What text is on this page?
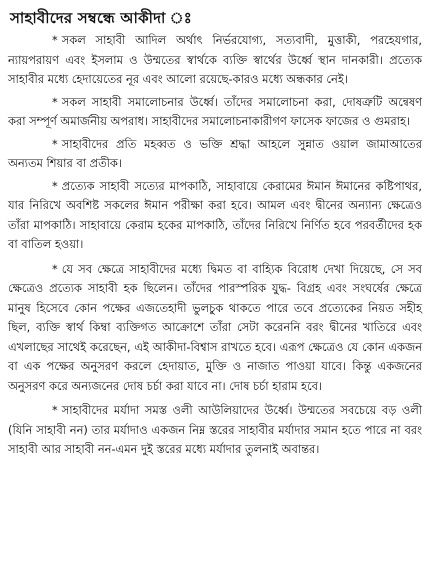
সাহাবীদের সম্বন্ধে আকীদা ঃ

* সকল সাহাবী আদিল অর্থাৎ নির্ভরযোগ্য, সত্যবাদী, মুত্তাকী, পরহেযগার, ন্যায়পরায়ণ এবং ইসলাম ও উম্মতের স্বার্থকে ব্যক্তি স্বার্থের উর্ধ্বে স্থান দানকারী। প্রত্যেক সাহাবীর মধ্যে হেদায়েতের নূর এবং আলো রয়েছে-কারও মধ্যে অন্ধকার নেই।

* সকল সাহাবী সমালোচনার উর্ধ্বে। তাঁদের সমালোচনা করা, দোষত্রুটি অন্বেষণ করা সম্পূর্ণ অমার্জনীয় অপরাধ। সাহাবীদের সমালোচনাকারীগণ ফাসেক ফাজের ও গুমরাহ।

* সাহাবীদের প্রতি মহব্বত ও ভক্তি শ্রদ্ধা আহলে সুন্নাত ওয়াল জামাআতের অন্যতম শিয়ার বা প্রতীক।

* প্রত্যেক সাহাবী সত্যের মাপকাঠি, সাহাবায়ে কেরামের ঈমান ঈমানের কষ্টিপাথর, যার নিরিখে অবশিষ্ট সকলের ঈমান পরীক্ষা করা হবে। আমল এবং দ্বীনের অন্যান্য ক্ষেত্রেও তাঁরা মাপকাঠি। সাহাবায়ে কেরাম হকের মাপকাঠি, তাঁদের নিরিখে নির্ণিত হবে পরবর্তীদের হক বা বাতিল হওয়া।

* যে সব ক্ষেত্রে সাহাবীদের মধ্যে দ্বিমত বা বাহ্যিক বিরোধ দেখা দিয়েছে, সে সব ক্ষেত্রেও প্রত্যেক সাহাবী হক ছিলেন। তাঁদের পারস্পরিক যুদ্ধ- বিগ্রহ এবং সংঘর্ষের ক্ষেত্রে মানুষ হিসেবে কোন পক্ষের এজতেহাদী ভুলচুক থাকতে পারে তবে প্রত্যেকের নিয়ত সহীহ ছিল, ব্যক্তি স্বার্থ কিম্বা ব্যক্তিগত আক্রোশে তাঁরা সেটা করেননি বরং দ্বীনের খাতিরে এবং এখলাছের সাথেই করেছেন, এই আকীদা-বিশ্বাস রাখতে হবে। এরূপ ক্ষেত্রেও যে কোন একজন বা এক পক্ষের অনুসরণ করলে হেদায়াত, মুক্তি ও নাজাত পাওয়া যাবে। কিন্তু একজনের অনুসরণ করে অন্যজনের দোষ চর্চা করা যাবে না। দোষ চর্চা হারাম হবে।

* সাহাবীদের মর্যাদা সমস্ত ওলী আউলিয়াদের উর্ধ্বে। উম্মতের সবচেয়ে বড় ওলী (যিনি সাহাবী নন) তার মর্যাদাও একজন নিম্ন স্তরের সাহাবীর মর্যাদার সমান হতে পারে না বরং সাহাবী আর সাহাবী নন-এমন দুই স্তরের মধ্যে মর্যাদার তুলনাই অবান্তর।
